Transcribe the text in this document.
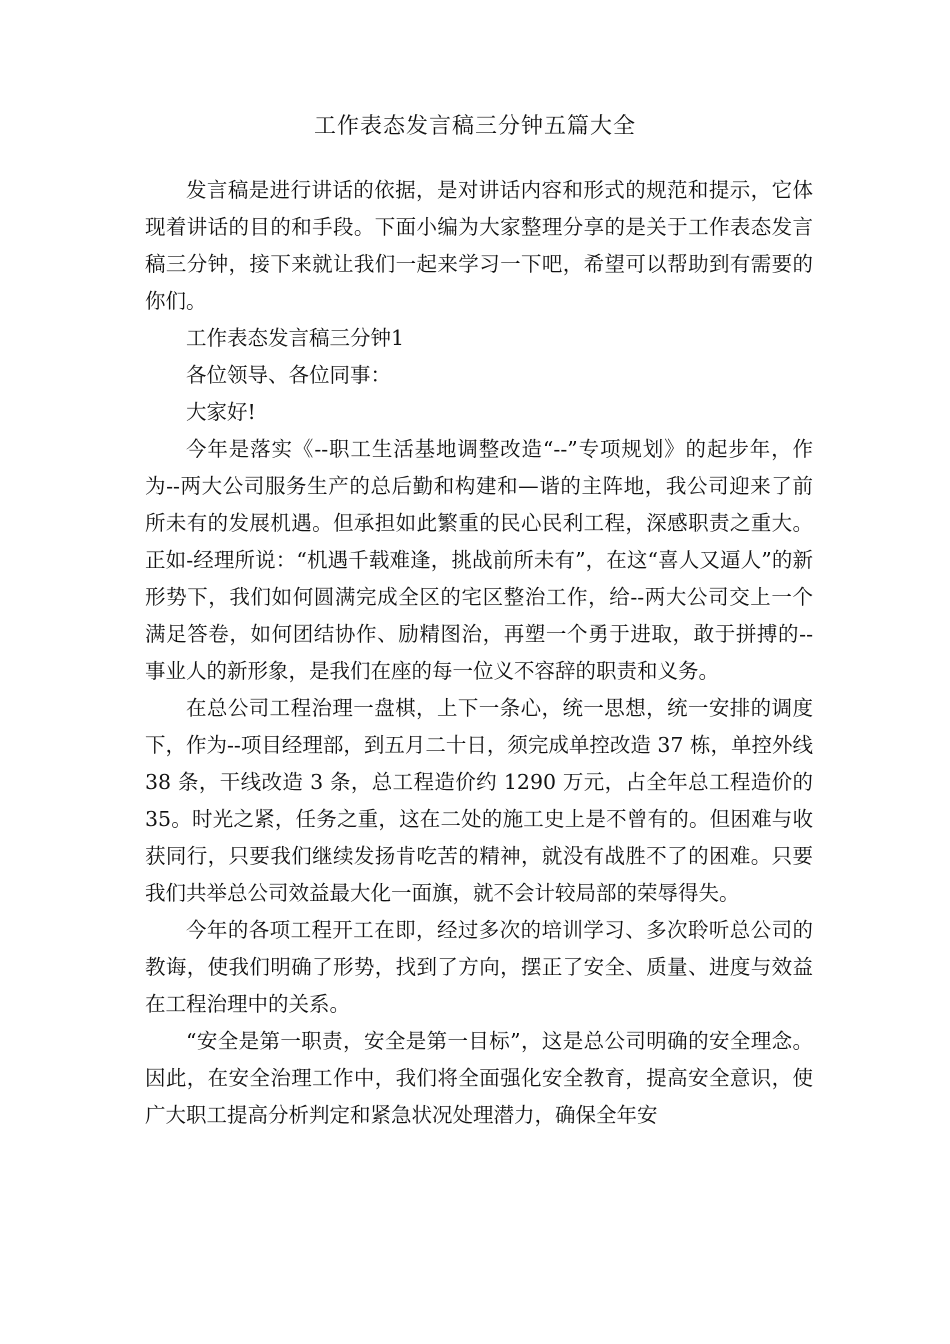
工作表态发言稿三分钟五篇大全

发言稿是进行讲话的依据，是对讲话内容和形式的规范和提示，它体现着讲话的目的和手段。下面小编为大家整理分享的是关于工作表态发言稿三分钟，接下来就让我们一起来学习一下吧，希望可以帮助到有需要的你们。

工作表态发言稿三分钟1

各位领导、各位同事：

大家好!

今年是落实《--职工生活基地调整改造“--”专项规划》的起步年，作为--两大公司服务生产的总后勤和构建和—谐的主阵地，我公司迎来了前所未有的发展机遇。但承担如此繁重的民心民利工程，深感职责之重大。正如-经理所说：“机遇千载难逢，挑战前所未有”，在这“喜人又逼人”的新形势下，我们如何圆满完成全区的宅区整治工作，给--两大公司交上一个满足答卷，如何团结协作、励精图治，再塑一个勇于进取，敢于拼搏的--事业人的新形象，是我们在座的每一位义不容辞的职责和义务。

在总公司工程治理一盘棋，上下一条心，统一思想，统一安排的调度下，作为--项目经理部，到五月二十日，须完成单控改造 37 栋，单控外线 38 条，干线改造 3 条，总工程造价约 1290 万元，占全年总工程造价的 35。时光之紧，任务之重，这在二处的施工史上是不曾有的。但困难与收获同行，只要我们继续发扬肯吃苦的精神，就没有战胜不了的困难。只要我们共举总公司效益最大化一面旗，就不会计较局部的荣辱得失。

今年的各项工程开工在即，经过多次的培训学习、多次聆听总公司的教诲，使我们明确了形势，找到了方向，摆正了安全、质量、进度与效益在工程治理中的关系。

“安全是第一职责，安全是第一目标”，这是总公司明确的安全理念。因此，在安全治理工作中，我们将全面强化安全教育，提高安全意识，使广大职工提高分析判定和紧急状况处理潜力，确保全年安
